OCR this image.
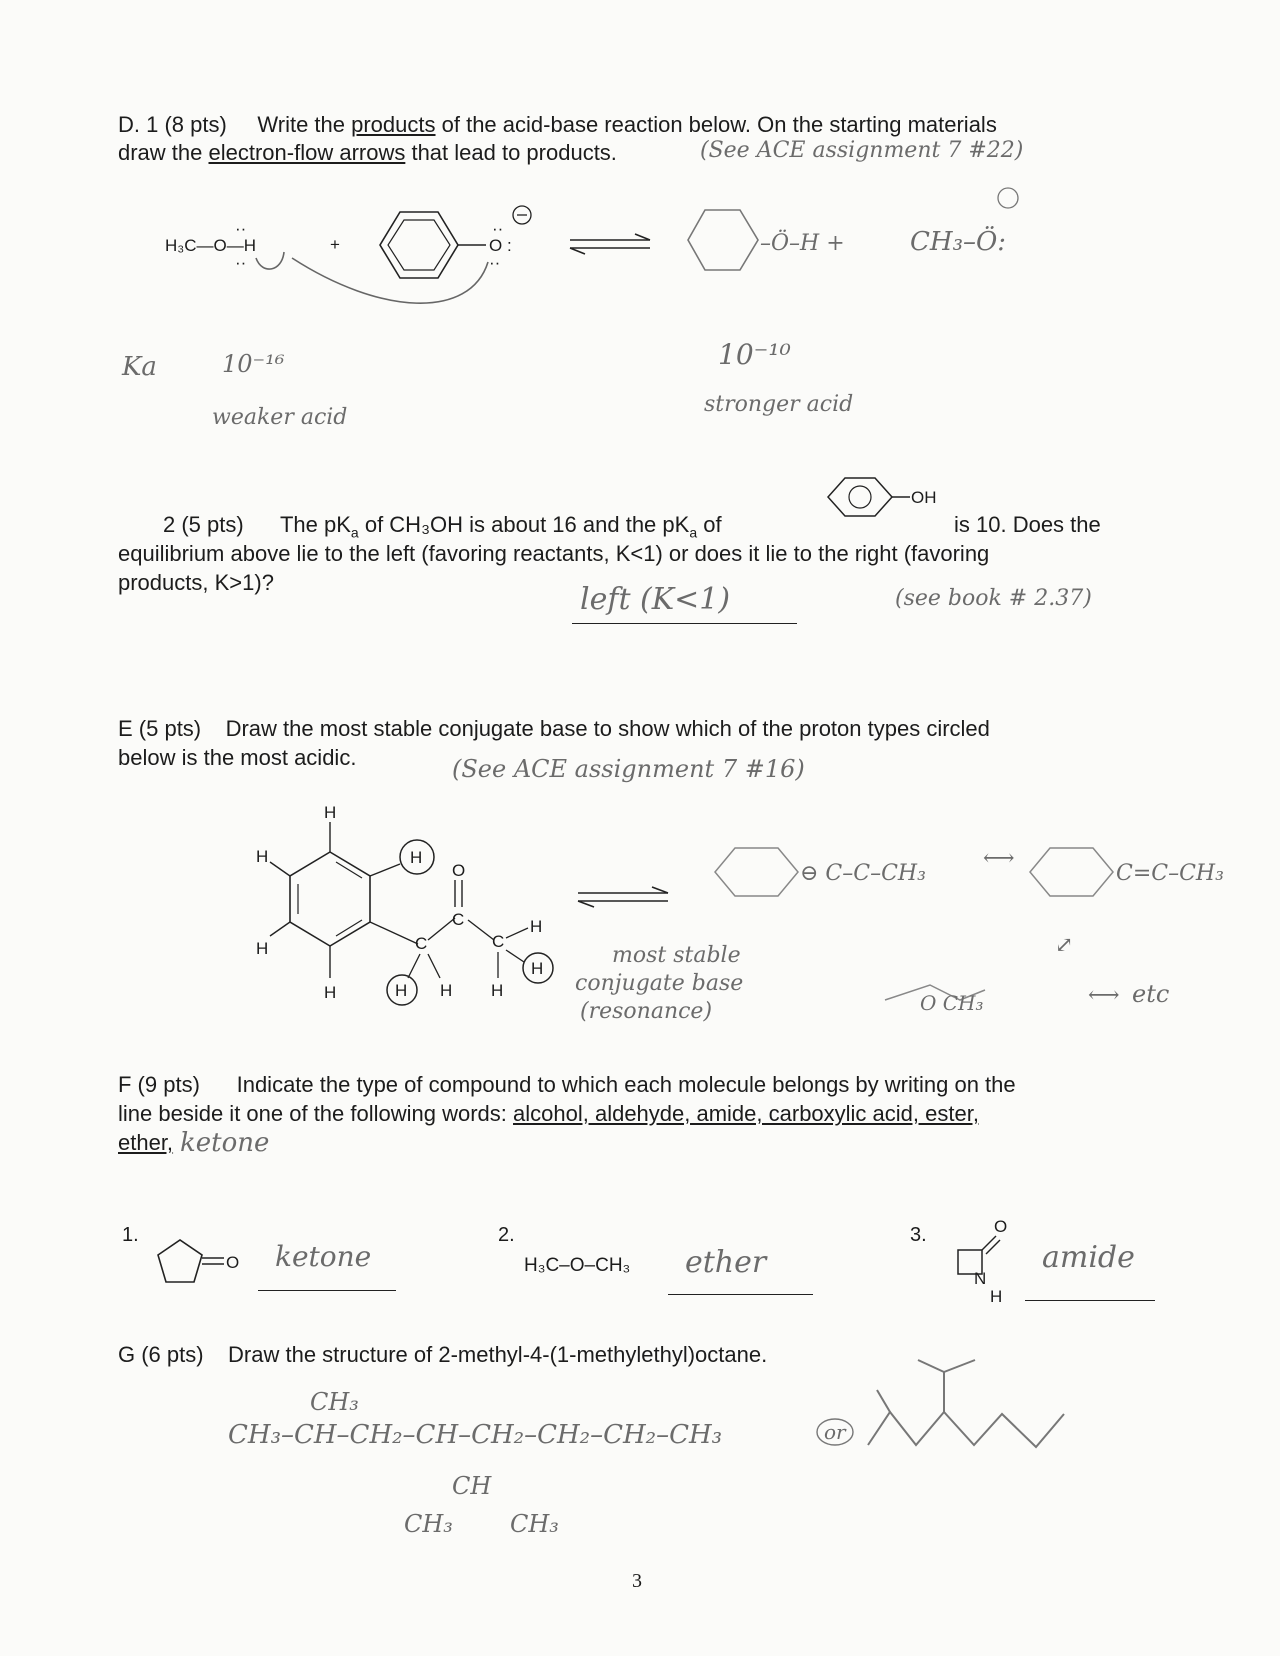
D. 1 (8 pts) Write the products of the acid-base reaction below. On the starting materials
draw the electron-flow arrows that lead to products.	(See ACE assignment 7 #22)
H₃C—O—H
··
··
+	O :
··
··
–Ö–H +	CH₃–Ö:
Ka	10⁻¹⁶
weaker acid
10⁻¹⁰
stronger acid
OH
2 (5 pts) The $pK_a$ of CH₃OH is about 16 and the $pK_a$ of	is 10. Does the
equilibrium above lie to the left (favoring reactants, K<1) or does it lie to the right (favoring
products, K>1)?	left (K<1)	(see book # 2.37)
E (5 pts) Draw the most stable conjugate base to show which of the proton types circled
below is the most acidic.	(See ACE assignment 7 #16)
H
H
H
H
H
C
H H
C
O
C
H
H
H
⊖ C–C–CH₃	C=C–CH₃
O CH₃
⟷
⤢
⟷ etc
most stable
conjugate base
(resonance)
F (9 pts) Indicate the type of compound to which each molecule belongs by writing on the
line beside it one of the following words: alcohol, aldehyde, amide, carboxylic acid, ester,
ether, ketone
1.
O ketone
2.
H₃C–O–CH₃ ether
3.	O
N
H
amide
G (6 pts) Draw the structure of 2-methyl-4-(1-methylethyl)octane.
CH₃
CH₃–CH–CH₂–CH–CH₂–CH₂–CH₂–CH₃
CH
CH₃ CH₃
or
3
